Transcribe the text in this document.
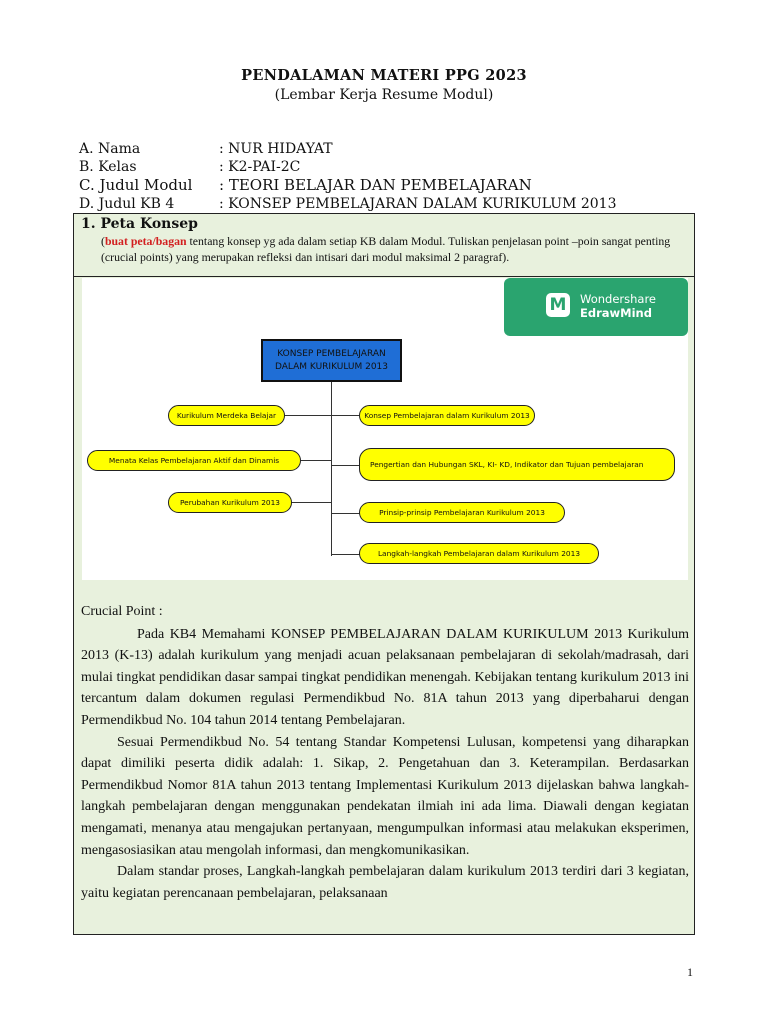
PENDALAMAN MATERI PPG 2023
(Lembar Kerja Resume Modul)
A. Nama	: NUR HIDAYAT
B. Kelas	: K2-PAI-2C
C. Judul Modul : TEORI BELAJAR DAN PEMBELAJARAN
D. Judul KB 4	: KONSEP PEMBELAJARAN DALAM KURIKULUM 2013
1. Peta Konsep
(buat peta/bagan tentang konsep yg ada dalam setiap KB dalam Modul. Tuliskan penjelasan point –poin sangat penting (crucial points) yang merupakan refleksi dan intisari dari modul maksimal 2 paragraf).
M	Wondershare
EdrawMind
KONSEP PEMBELAJARAN DALAM KURIKULUM 2013
Kurikulum Merdeka Belajar
Menata Kelas Pembelajaran Aktif dan Dinamis
Perubahan Kurikulum 2013
Konsep Pembelajaran dalam Kurikulum 2013
Pengertian dan Hubungan SKL, KI- KD, Indikator dan Tujuan pembelajaran
Prinsip-prinsip Pembelajaran Kurikulum 2013
Langkah-langkah Pembelajaran dalam Kurikulum 2013

Crucial Point :

Pada KB4 Memahami KONSEP PEMBELAJARAN DALAM KURIKULUM 2013 Kurikulum 2013 (K-13) adalah kurikulum yang menjadi acuan pelaksanaan pembelajaran di sekolah/madrasah, dari mulai tingkat pendidikan dasar sampai tingkat pendidikan menengah. Kebijakan tentang kurikulum 2013 ini tercantum dalam dokumen regulasi Permendikbud No. 81A tahun 2013 yang diperbaharui dengan Permendikbud No. 104 tahun 2014 tentang Pembelajaran.

Sesuai Permendikbud No. 54 tentang Standar Kompetensi Lulusan, kompetensi yang diharapkan dapat dimiliki peserta didik adalah: 1. Sikap, 2. Pengetahuan dan 3. Keterampilan. Berdasarkan Permendikbud Nomor 81A tahun 2013 tentang Implementasi Kurikulum 2013 dijelaskan bahwa langkah-langkah pembelajaran dengan menggunakan pendekatan ilmiah ini ada lima. Diawali dengan kegiatan mengamati, menanya atau mengajukan pertanyaan, mengumpulkan informasi atau melakukan eksperimen, mengasosiasikan atau mengolah informasi, dan mengkomunikasikan.

Dalam standar proses, Langkah-langkah pembelajaran dalam kurikulum 2013 terdiri dari 3 kegiatan, yaitu kegiatan perencanaan pembelajaran, pelaksanaan

1
